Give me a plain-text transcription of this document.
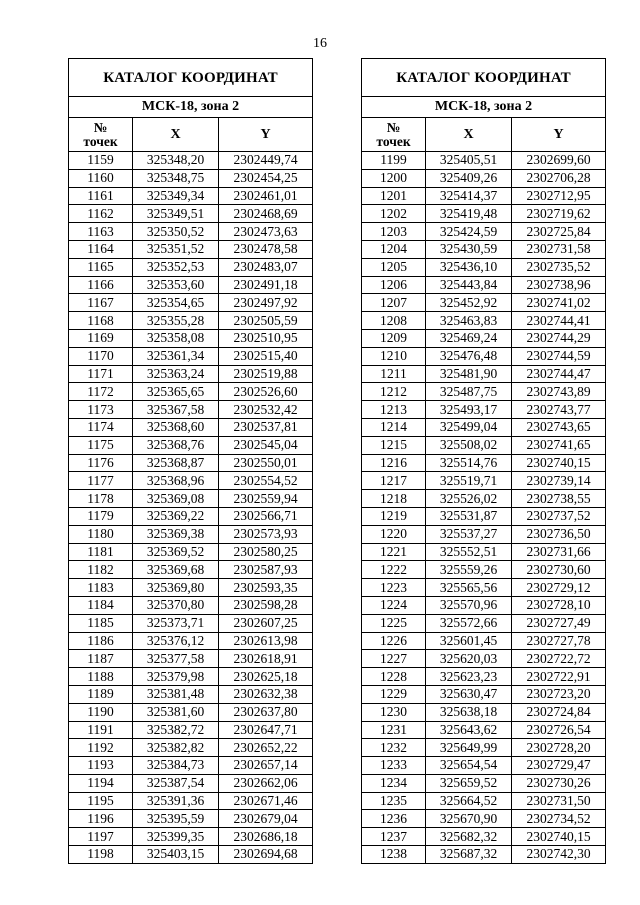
16
КАТАЛОГ КООРДИНАТ		
МСК-18, зона 2		

№
точек	X	Y
1159	325348,20	2302449,74
1160	325348,75	2302454,25
1161	325349,34	2302461,01
1162	325349,51	2302468,69
1163	325350,52	2302473,63
1164	325351,52	2302478,58
1165	325352,53	2302483,07
1166	325353,60	2302491,18
1167	325354,65	2302497,92
1168	325355,28	2302505,59
1169	325358,08	2302510,95
1170	325361,34	2302515,40
1171	325363,24	2302519,88
1172	325365,65	2302526,60
1173	325367,58	2302532,42
1174	325368,60	2302537,81
1175	325368,76	2302545,04
1176	325368,87	2302550,01
1177	325368,96	2302554,52
1178	325369,08	2302559,94
1179	325369,22	2302566,71
1180	325369,38	2302573,93
1181	325369,52	2302580,25
1182	325369,68	2302587,93
1183	325369,80	2302593,35
1184	325370,80	2302598,28
1185	325373,71	2302607,25
1186	325376,12	2302613,98
1187	325377,58	2302618,91
1188	325379,98	2302625,18
1189	325381,48	2302632,38
1190	325381,60	2302637,80
1191	325382,72	2302647,71
1192	325382,82	2302652,22
1193	325384,73	2302657,14
1194	325387,54	2302662,06
1195	325391,36	2302671,46
1196	325395,59	2302679,04
1197	325399,35	2302686,18
1198	325403,15	2302694,68
КАТАЛОГ КООРДИНАТ		
МСК-18, зона 2		

№
точек	X	Y
1199	325405,51	2302699,60
1200	325409,26	2302706,28
1201	325414,37	2302712,95
1202	325419,48	2302719,62
1203	325424,59	2302725,84
1204	325430,59	2302731,58
1205	325436,10	2302735,52
1206	325443,84	2302738,96
1207	325452,92	2302741,02
1208	325463,83	2302744,41
1209	325469,24	2302744,29
1210	325476,48	2302744,59
1211	325481,90	2302744,47
1212	325487,75	2302743,89
1213	325493,17	2302743,77
1214	325499,04	2302743,65
1215	325508,02	2302741,65
1216	325514,76	2302740,15
1217	325519,71	2302739,14
1218	325526,02	2302738,55
1219	325531,87	2302737,52
1220	325537,27	2302736,50
1221	325552,51	2302731,66
1222	325559,26	2302730,60
1223	325565,56	2302729,12
1224	325570,96	2302728,10
1225	325572,66	2302727,49
1226	325601,45	2302727,78
1227	325620,03	2302722,72
1228	325623,23	2302722,91
1229	325630,47	2302723,20
1230	325638,18	2302724,84
1231	325643,62	2302726,54
1232	325649,99	2302728,20
1233	325654,54	2302729,47
1234	325659,52	2302730,26
1235	325664,52	2302731,50
1236	325670,90	2302734,52
1237	325682,32	2302740,15
1238	325687,32	2302742,30
